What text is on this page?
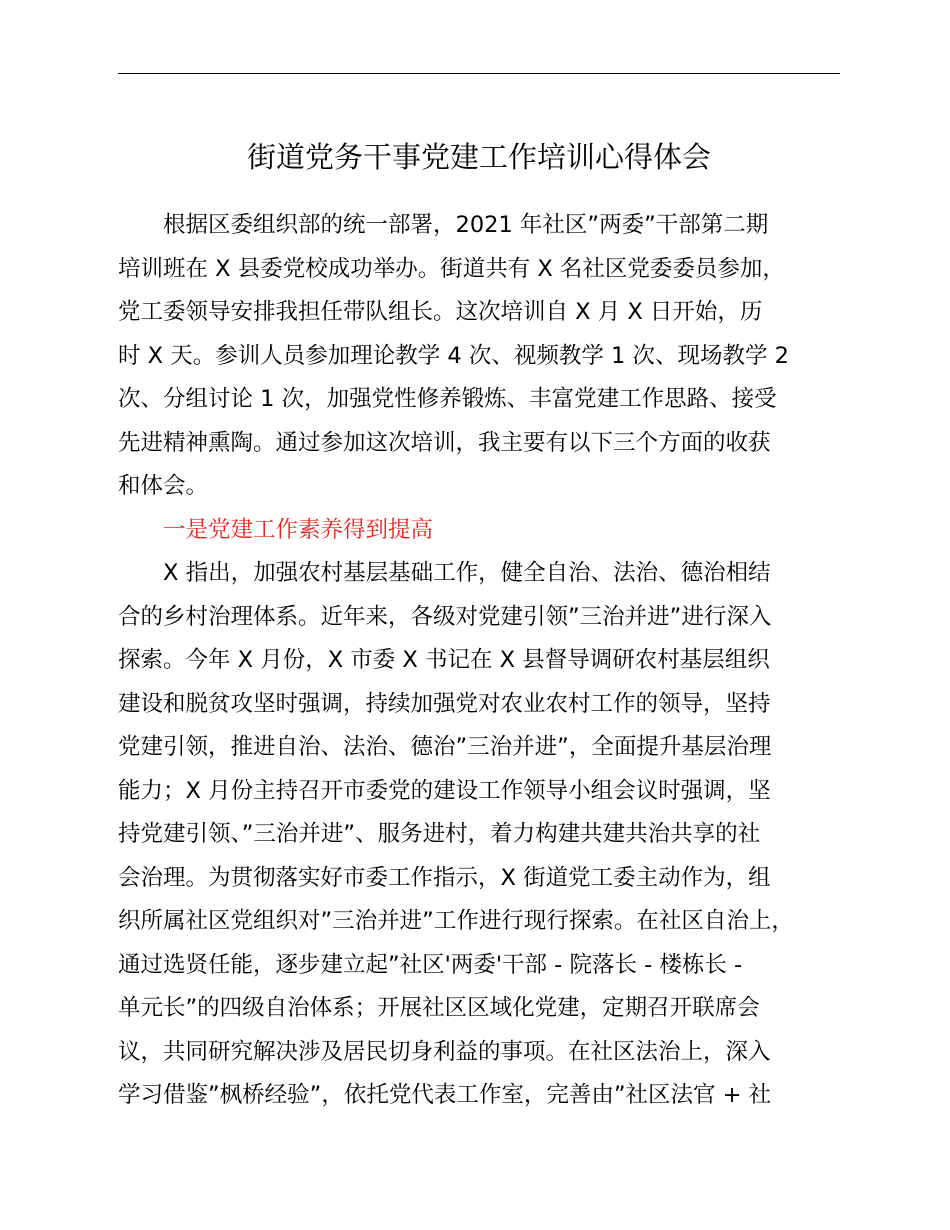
街道党务干事党建工作培训心得体会
　　根据区委组织部的统一部署，2021 年社区”两委”干部第二期
培训班在 X 县委党校成功举办。街道共有 X 名社区党委委员参加，
党工委领导安排我担任带队组长。这次培训自 X 月 X 日开始，历
时 X 天。参训人员参加理论教学 4 次、视频教学 1 次、现场教学 2
次、分组讨论 1 次，加强党性修养锻炼、丰富党建工作思路、接受
先进精神熏陶。通过参加这次培训，我主要有以下三个方面的收获
和体会。
　　一是党建工作素养得到提高
　　X 指出，加强农村基层基础工作，健全自治、法治、德治相结
合的乡村治理体系。近年来，各级对党建引领”三治并进”进行深入
探索。今年 X 月份，X 市委 X 书记在 X 县督导调研农村基层组织
建设和脱贫攻坚时强调，持续加强党对农业农村工作的领导，坚持
党建引领，推进自治、法治、德治”三治并进”，全面提升基层治理
能力；X 月份主持召开市委党的建设工作领导小组会议时强调，坚
持党建引领、”三治并进”、服务进村，着力构建共建共治共享的社
会治理。为贯彻落实好市委工作指示，X 街道党工委主动作为，组
织所属社区党组织对”三治并进”工作进行现行探索。在社区自治上，
通过选贤任能，逐步建立起”社区'两委'干部 - 院落长 - 楼栋长 -
单元长”的四级自治体系；开展社区区域化党建，定期召开联席会
议，共同研究解决涉及居民切身利益的事项。在社区法治上，深入
学习借鉴”枫桥经验”，依托党代表工作室，完善由”社区法官 + 社
